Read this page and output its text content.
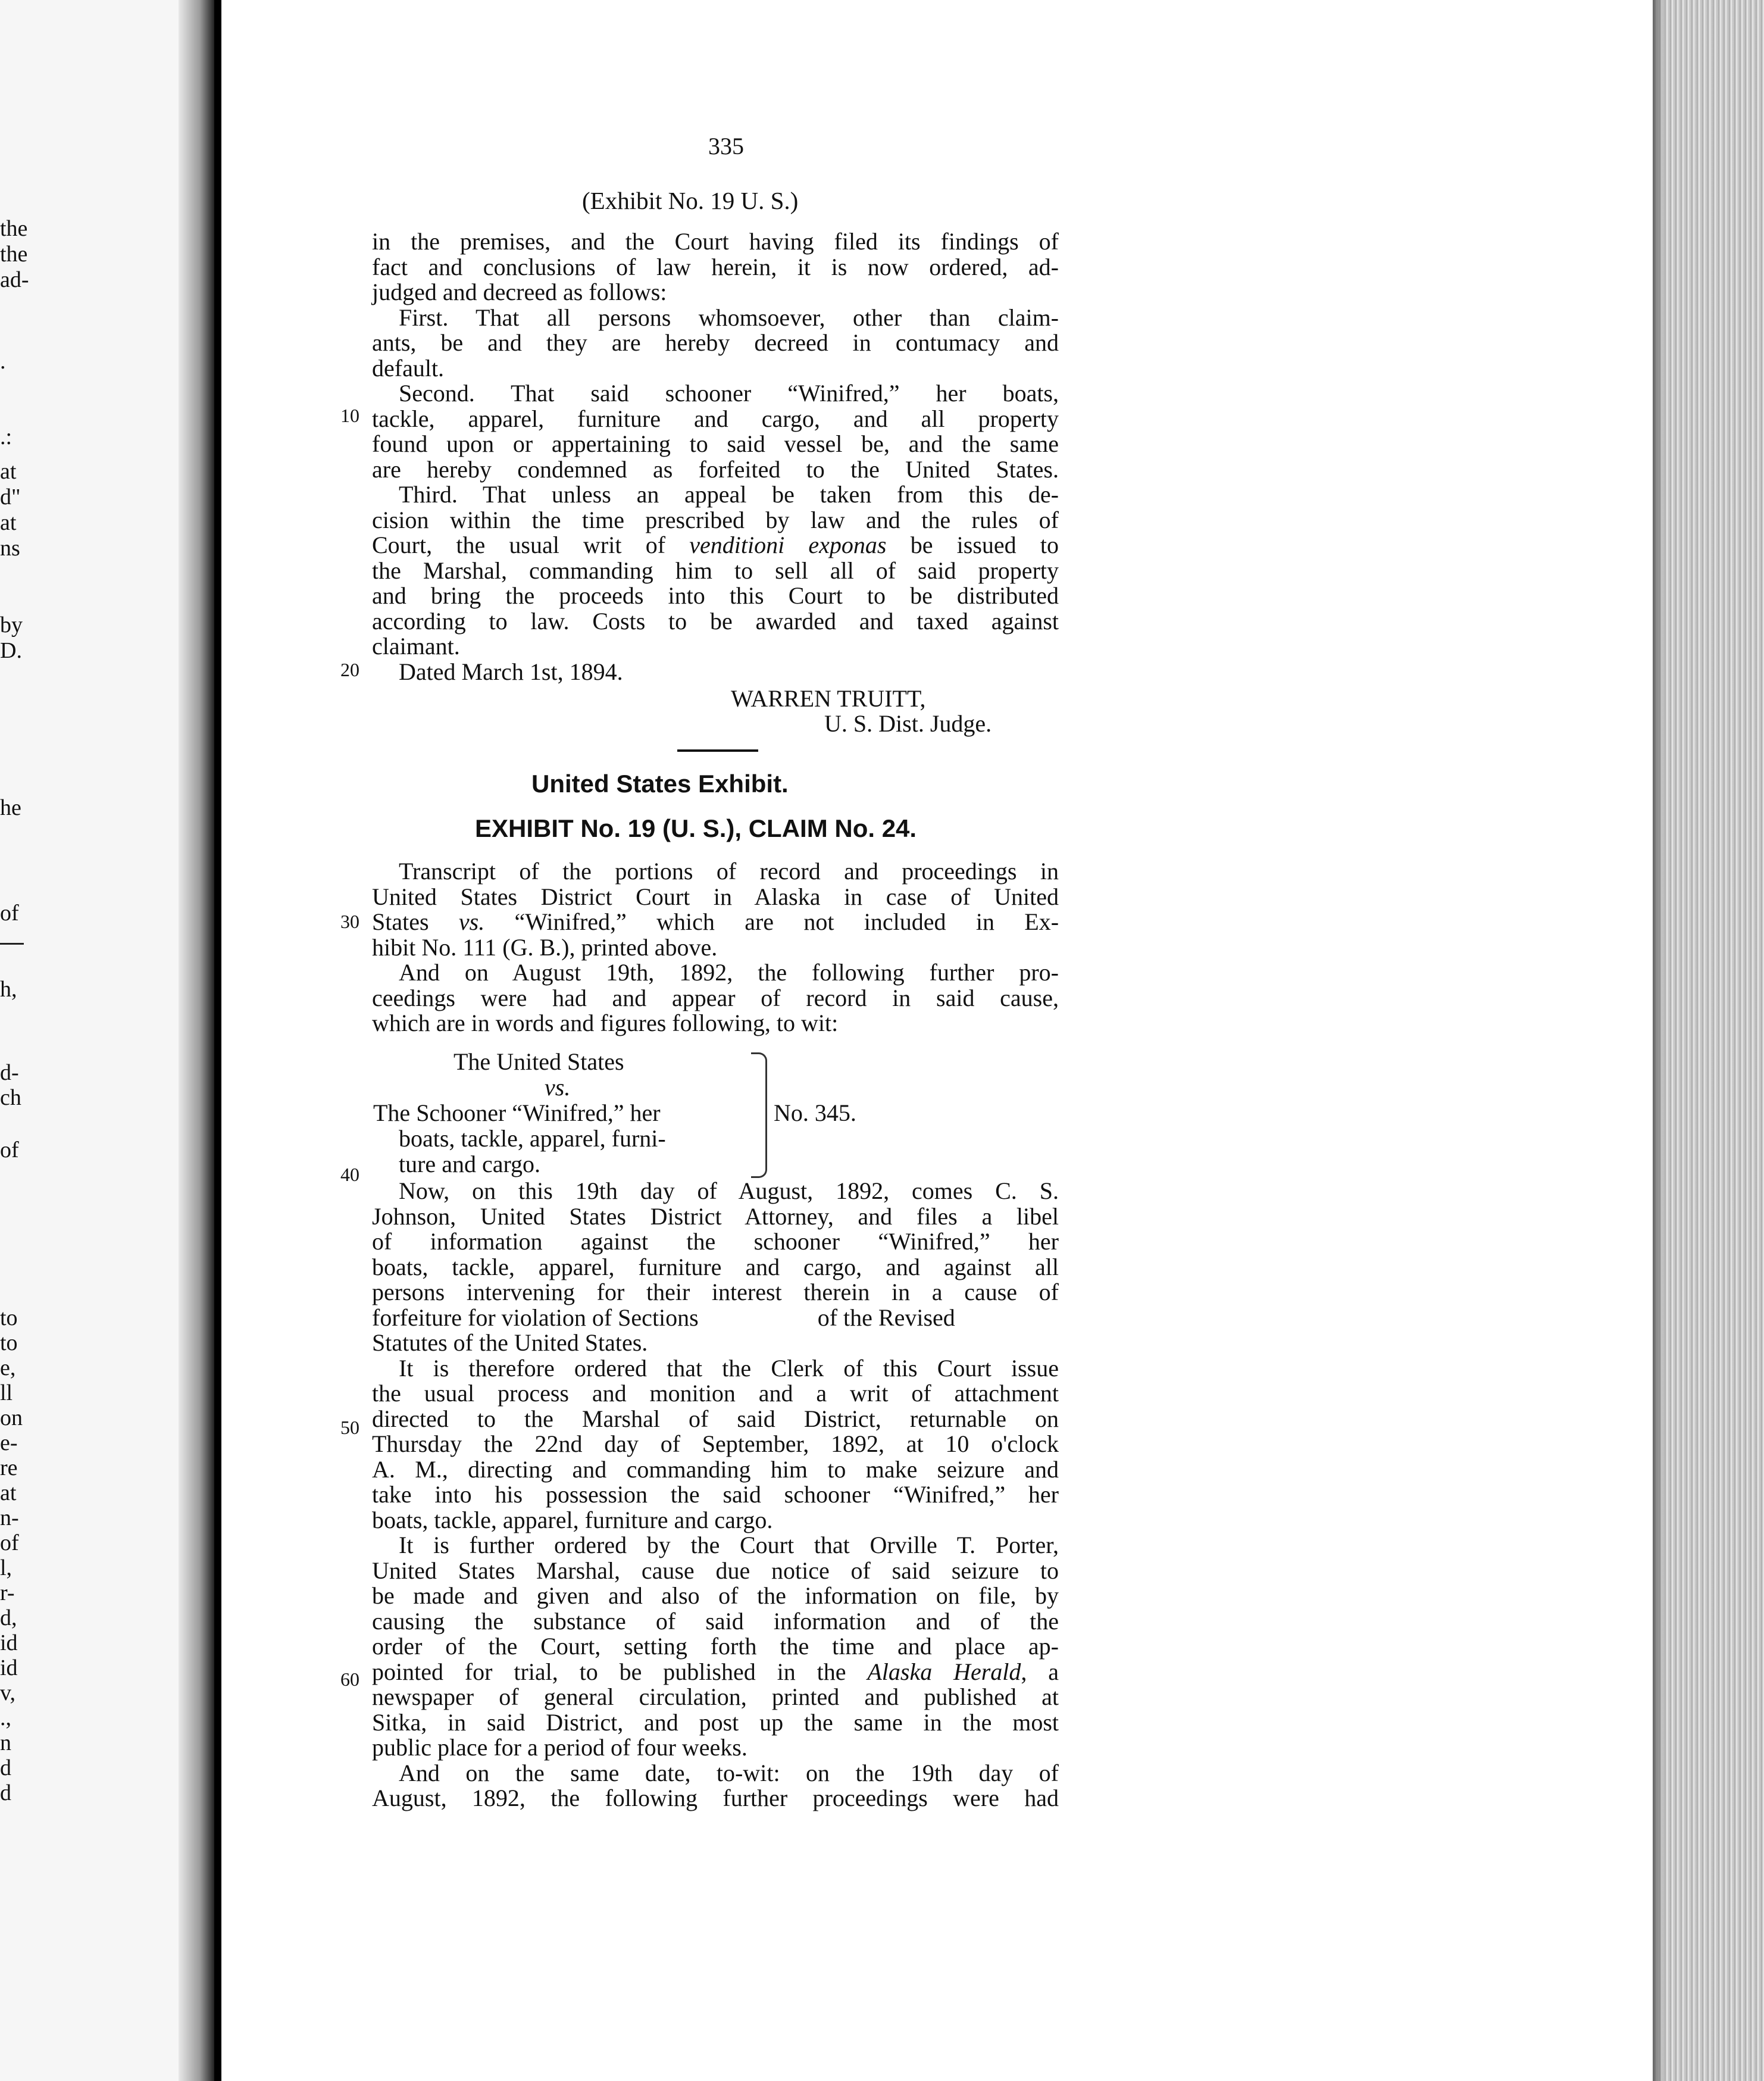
the
the
ad-
.
.:
at
d"
at
ns
by
D.
he
of
h,
d-
ch
of
to
to
e,
ll
on
e-
re
at
n-
of
l,
r-
d,
id
id
v,
.,
n
d
d
335
(Exhibit No. 19 U. S.)
10
20
30
40
50
60
in the premises, and the Court having filed its findings of
fact and conclusions of law herein, it is now ordered, ad-
judged and decreed as follows:
First. That all persons whomsoever, other than claim-
ants, be and they are hereby decreed in contumacy and
default.
Second. That said schooner “Winifred,” her boats,
tackle, apparel, furniture and cargo, and all property
found upon or appertaining to said vessel be, and the same
are hereby condemned as forfeited to the United States.
Third. That unless an appeal be taken from this de-
cision within the time prescribed by law and the rules of
Court, the usual writ of venditioni exponas be issued to
the Marshal, commanding him to sell all of said property
and bring the proceeds into this Court to be distributed
according to law. Costs to be awarded and taxed against
claimant.
Dated March 1st, 1894.
WARREN TRUITT,
U. S. Dist. Judge.
United States Exhibit.
EXHIBIT No. 19 (U. S.), CLAIM No. 24.
Transcript of the portions of record and proceedings in
United States District Court in Alaska in case of United
States vs. “Winifred,” which are not included in Ex-
hibit No. 111 (G. B.), printed above.
And on August 19th, 1892, the following further pro-
ceedings were had and appear of record in said cause,
which are in words and figures following, to wit:
The United States
vs.
The Schooner “Winifred,” her
boats, tackle, apparel, furni-
ture and cargo.
No. 345.
Now, on this 19th day of August, 1892, comes C. S.
Johnson, United States District Attorney, and files a libel
of information against the schooner “Winifred,” her
boats, tackle, apparel, furniture and cargo, and against all
persons intervening for their interest therein in a cause of
forfeiture for violation of Sections	of the Revised
Statutes of the United States.
It is therefore ordered that the Clerk of this Court issue
the usual process and monition and a writ of attachment
directed to the Marshal of said District, returnable on
Thursday the 22nd day of September, 1892, at 10 o'clock
A. M., directing and commanding him to make seizure and
take into his possession the said schooner “Winifred,” her
boats, tackle, apparel, furniture and cargo.
It is further ordered by the Court that Orville T. Porter,
United States Marshal, cause due notice of said seizure to
be made and given and also of the information on file, by
causing the substance of said information and of the
order of the Court, setting forth the time and place ap-
pointed for trial, to be published in the Alaska Herald, a
newspaper of general circulation, printed and published at
Sitka, in said District, and post up the same in the most
public place for a period of four weeks.
And on the same date, to-wit: on the 19th day of
August, 1892, the following further proceedings were had
